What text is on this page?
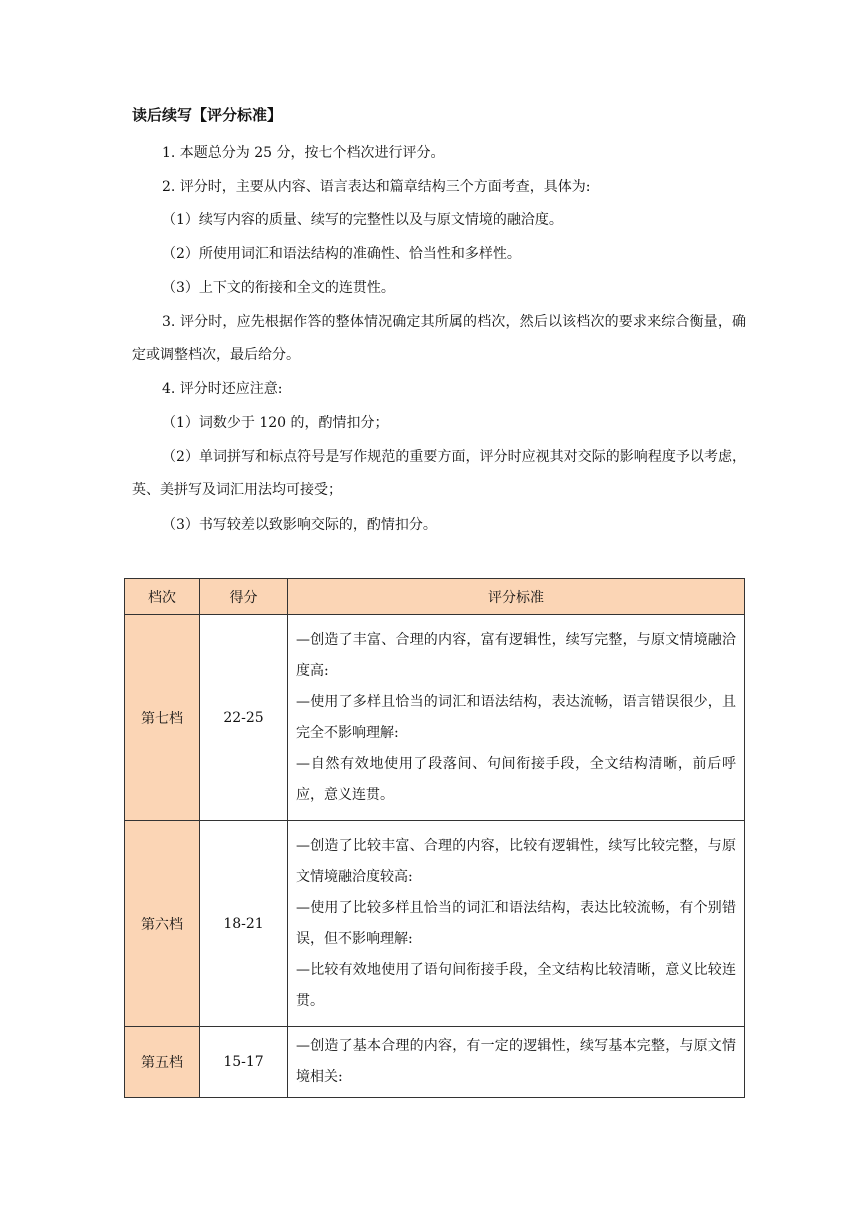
读后续写【评分标准】
1. 本题总分为 25 分，按七个档次进行评分。
2. 评分时，主要从内容、语言表达和篇章结构三个方面考查，具体为:
（1）续写内容的质量、续写的完整性以及与原文情境的融洽度。
（2）所使用词汇和语法结构的准确性、恰当性和多样性。
（3）上下文的衔接和全文的连贯性。
3. 评分时，应先根据作答的整体情况确定其所属的档次，然后以该档次的要求来综合衡量，确定或调整档次，最后给分。
4. 评分时还应注意:
（1）词数少于 120 的，酌情扣分；
（2）单词拼写和标点符号是写作规范的重要方面，评分时应视其对交际的影响程度予以考虑，英、美拼写及词汇用法均可接受；
（3）书写较差以致影响交际的，酌情扣分。
档次	得分	评分标准
第七档	22-25	—创造了丰富、合理的内容，富有逻辑性，续写完整，与原文情境融洽度高:
—使用了多样且恰当的词汇和语法结构，表达流畅，语言错误很少，且完全不影响理解:
—自然有效地使用了段落间、句间衔接手段，全文结构清晰，前后呼应，意义连贯。

第六档	18-21	—创造了比较丰富、合理的内容，比较有逻辑性，续写比较完整，与原文情境融洽度较高:
—使用了比较多样且恰当的词汇和语法结构，表达比较流畅，有个别错误，但不影响理解:
—比较有效地使用了语句间衔接手段，全文结构比较清晰，意义比较连贯。

第五档	15-17	—创造了基本合理的内容，有一定的逻辑性，续写基本完整，与原文情境相关:
